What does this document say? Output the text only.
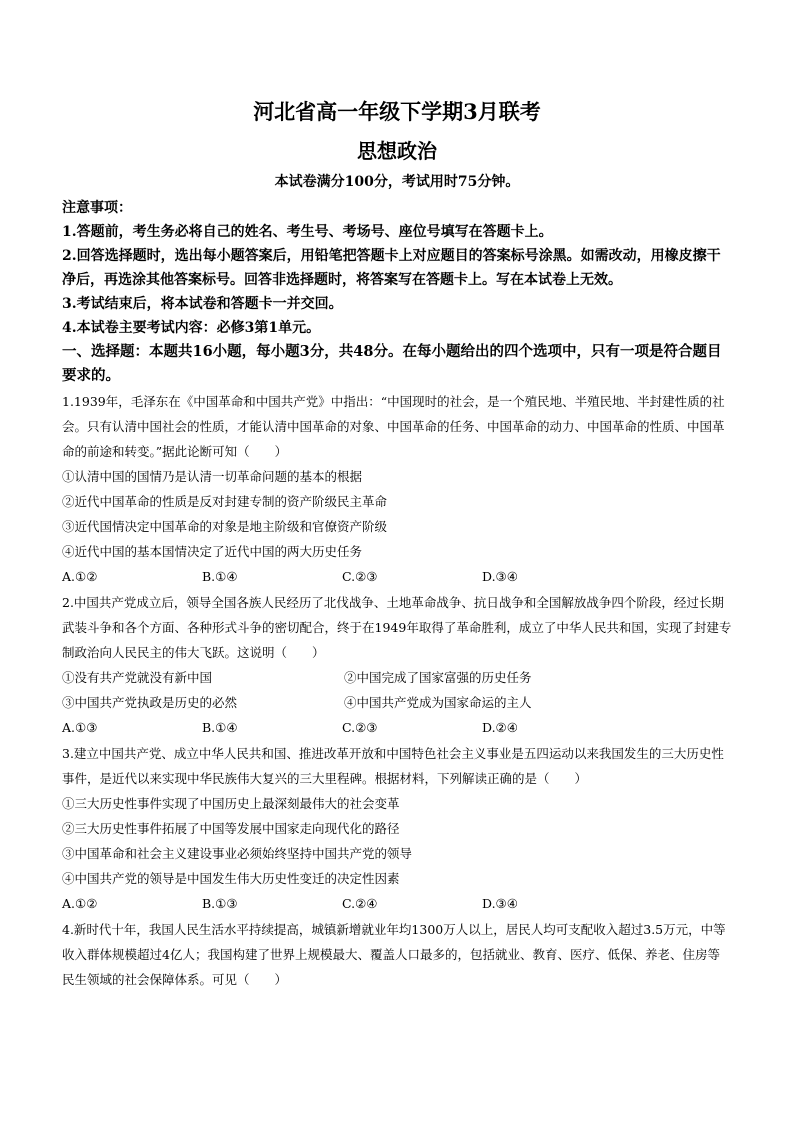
河北省高一年级下学期3月联考
思想政治
本试卷满分100分，考试用时75分钟。
注意事项：
1.答题前，考生务必将自己的姓名、考生号、考场号、座位号填写在答题卡上。
2.回答选择题时，选出每小题答案后，用铅笔把答题卡上对应题目的答案标号涂黑。如需改动，用橡皮擦干净后，再选涂其他答案标号。回答非选择题时，将答案写在答题卡上。写在本试卷上无效。
3.考试结束后，将本试卷和答题卡一并交回。
4.本试卷主要考试内容：必修3第1单元。
一、选择题：本题共16小题，每小题3分，共48分。在每小题给出的四个选项中，只有一项是符合题目要求的。
1.1939年，毛泽东在《中国革命和中国共产党》中指出：“中国现时的社会，是一个殖民地、半殖民地、半封建性质的社会。只有认清中国社会的性质，才能认清中国革命的对象、中国革命的任务、中国革命的动力、中国革命的性质、中国革命的前途和转变。”据此论断可知（　　）
①认清中国的国情乃是认清一切革命问题的基本的根据
②近代中国革命的性质是反对封建专制的资产阶级民主革命
③近代国情决定中国革命的对象是地主阶级和官僚资产阶级
④近代中国的基本国情决定了近代中国的两大历史任务
A.①②	B.①④	C.②③	D.③④
2.中国共产党成立后，领导全国各族人民经历了北伐战争、土地革命战争、抗日战争和全国解放战争四个阶段，经过长期武装斗争和各个方面、各种形式斗争的密切配合，终于在1949年取得了革命胜利，成立了中华人民共和国，实现了封建专制政治向人民民主的伟大飞跃。这说明（　　）
①没有共产党就没有新中国	②中国完成了国家富强的历史任务
③中国共产党执政是历史的必然	④中国共产党成为国家命运的主人
A.①③	B.①④	C.②③	D.②④
3.建立中国共产党、成立中华人民共和国、推进改革开放和中国特色社会主义事业是五四运动以来我国发生的三大历史性事件，是近代以来实现中华民族伟大复兴的三大里程碑。根据材料，下列解读正确的是（　　）
①三大历史性事件实现了中国历史上最深刻最伟大的社会变革
②三大历史性事件拓展了中国等发展中国家走向现代化的路径
③中国革命和社会主义建设事业必须始终坚持中国共产党的领导
④中国共产党的领导是中国发生伟大历史性变迁的决定性因素
A.①②	B.①③	C.②④	D.③④
4.新时代十年，我国人民生活水平持续提高，城镇新增就业年均1300万人以上，居民人均可支配收入超过3.5万元，中等收入群体规模超过4亿人；我国构建了世界上规模最大、覆盖人口最多的，包括就业、教育、医疗、低保、养老、住房等民生领域的社会保障体系。可见（　　）
